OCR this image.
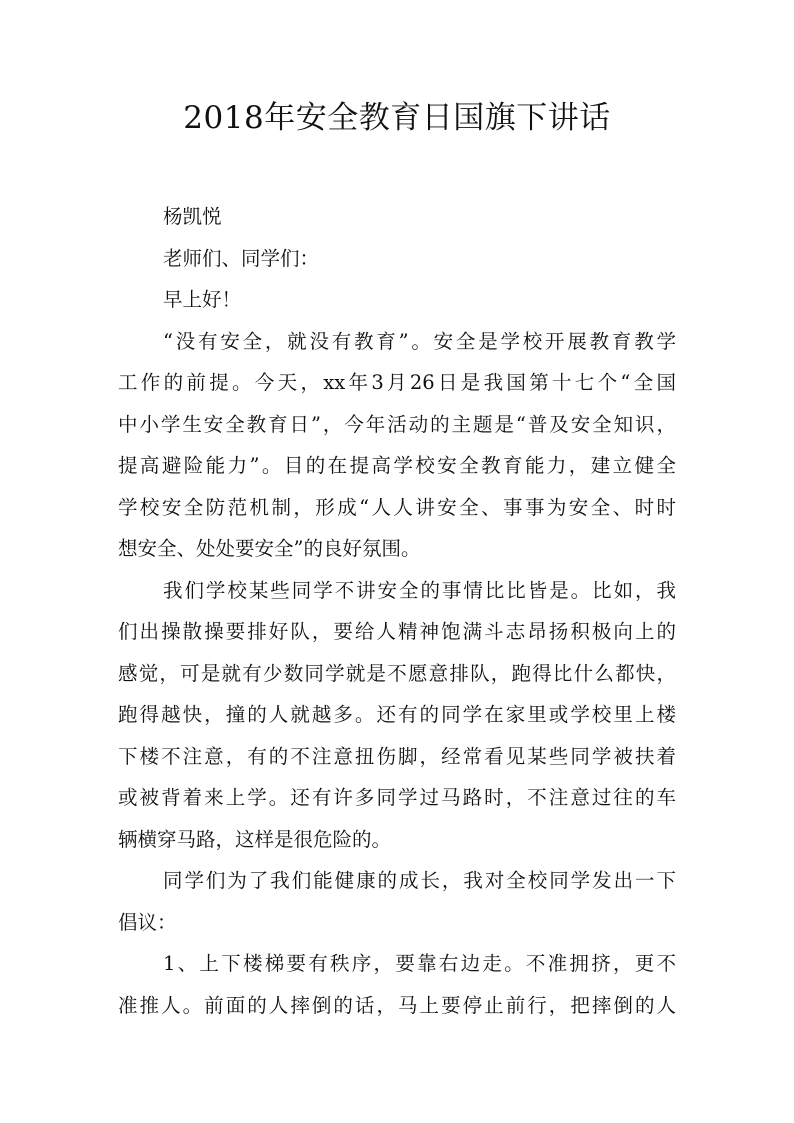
2018年安全教育日国旗下讲话
杨凯悦
老师们、同学们：
早上好！
“没有安全，就没有教育”。安全是学校开展教育教学
工作的前提。今天，xx年3月26日是我国第十七个“全国
中小学生安全教育日”，今年活动的主题是“普及安全知识，
提高避险能力”。目的在提高学校安全教育能力，建立健全
学校安全防范机制，形成“人人讲安全、事事为安全、时时
想安全、处处要安全”的良好氛围。
我们学校某些同学不讲安全的事情比比皆是。比如，我
们出操散操要排好队，要给人精神饱满斗志昂扬积极向上的
感觉，可是就有少数同学就是不愿意排队，跑得比什么都快，
跑得越快，撞的人就越多。还有的同学在家里或学校里上楼
下楼不注意，有的不注意扭伤脚，经常看见某些同学被扶着
或被背着来上学。还有许多同学过马路时，不注意过往的车
辆横穿马路，这样是很危险的。
同学们为了我们能健康的成长，我对全校同学发出一下
倡议：
1、上下楼梯要有秩序，要靠右边走。不准拥挤，更不
准推人。前面的人摔倒的话，马上要停止前行，把摔倒的人
